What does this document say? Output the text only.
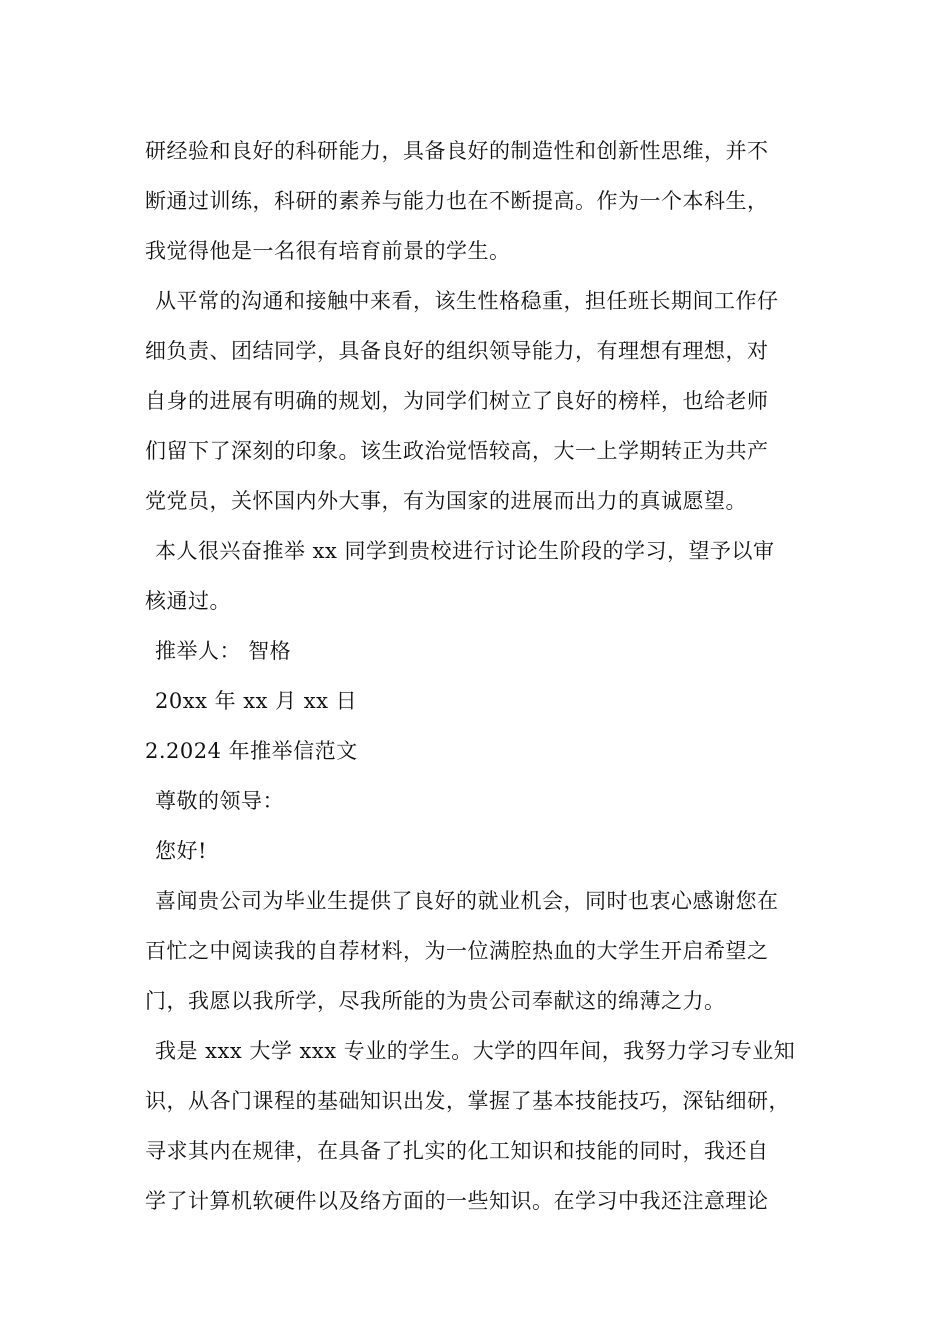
研经验和良好的科研能力，具备良好的制造性和创新性思维，并不
断通过训练，科研的素养与能力也在不断提高。作为一个本科生，
我觉得他是一名很有培育前景的学生。
从平常的沟通和接触中来看，该生性格稳重，担任班长期间工作仔
细负责、团结同学，具备良好的组织领导能力，有理想有理想，对
自身的进展有明确的规划，为同学们树立了良好的榜样，也给老师
们留下了深刻的印象。该生政治觉悟较高，大一上学期转正为共产
党党员，关怀国内外大事，有为国家的进展而出力的真诚愿望。
本人很兴奋推举 xx 同学到贵校进行讨论生阶段的学习，望予以审
核通过。
推举人： 智格
20xx 年 xx 月 xx 日
2.2024 年推举信范文
尊敬的领导：
您好!
喜闻贵公司为毕业生提供了良好的就业机会，同时也衷心感谢您在
百忙之中阅读我的自荐材料，为一位满腔热血的大学生开启希望之
门，我愿以我所学，尽我所能的为贵公司奉献这的绵薄之力。
我是 xxx 大学 xxx 专业的学生。大学的四年间，我努力学习专业知
识，从各门课程的基础知识出发，掌握了基本技能技巧，深钻细研，
寻求其内在规律，在具备了扎实的化工知识和技能的同时，我还自
学了计算机软硬件以及络方面的一些知识。在学习中我还注意理论
